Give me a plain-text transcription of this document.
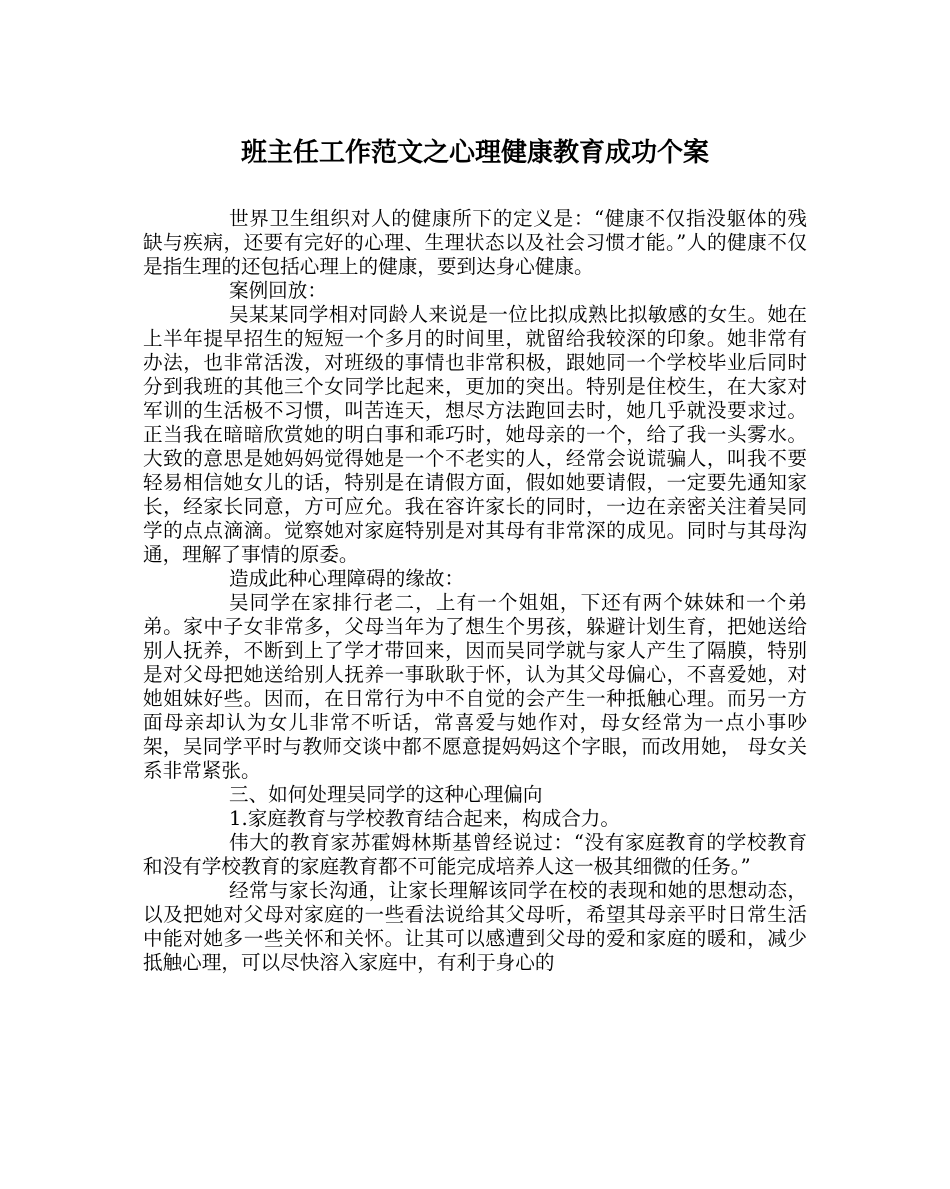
班主任工作范文之心理健康教育成功个案

世界卫生组织对人的健康所下的定义是：“健康不仅指没躯体的残缺与疾病，还要有完好的心理、生理状态以及社会习惯才能。”人的健康不仅是指生理的还包括心理上的健康，要到达身心健康。

案例回放：

吴某某同学相对同龄人来说是一位比拟成熟比拟敏感的女生。她在上半年提早招生的短短一个多月的时间里，就留给我较深的印象。她非常有办法，也非常活泼，对班级的事情也非常积极，跟她同一个学校毕业后同时分到我班的其他三个女同学比起来，更加的突出。特别是住校生，在大家对军训的生活极不习惯，叫苦连天，想尽方法跑回去时，她几乎就没要求过。正当我在暗暗欣赏她的明白事和乖巧时，她母亲的一个，给了我一头雾水。大致的意思是她妈妈觉得她是一个不老实的人，经常会说谎骗人，叫我不要轻易相信她女儿的话，特别是在请假方面，假如她要请假，一定要先通知家长，经家长同意，方可应允。我在容许家长的同时，一边在亲密关注着吴同学的点点滴滴。觉察她对家庭特别是对其母有非常深的成见。同时与其母沟通，理解了事情的原委。

造成此种心理障碍的缘故：

吴同学在家排行老二，上有一个姐姐，下还有两个妹妹和一个弟弟。家中子女非常多，父母当年为了想生个男孩，躲避计划生育，把她送给别人抚养，不断到上了学才带回来，因而吴同学就与家人产生了隔膜，特别是对父母把她送给别人抚养一事耿耿于怀，认为其父母偏心，不喜爱她，对她姐妹好些。因而，在日常行为中不自觉的会产生一种抵触心理。而另一方面母亲却认为女儿非常不听话，常喜爱与她作对，母女经常为一点小事吵架，吴同学平时与教师交谈中都不愿意提妈妈这个字眼，而改用她， 母女关系非常紧张。

三、如何处理吴同学的这种心理偏向

1.家庭教育与学校教育结合起来，构成合力。

伟大的教育家苏霍姆林斯基曾经说过：“没有家庭教育的学校教育和没有学校教育的家庭教育都不可能完成培养人这一极其细微的任务。”

经常与家长沟通，让家长理解该同学在校的表现和她的思想动态，以及把她对父母对家庭的一些看法说给其父母听，希望其母亲平时日常生活中能对她多一些关怀和关怀。让其可以感遭到父母的爱和家庭的暖和，减少抵触心理，可以尽快溶入家庭中，有利于身心的
